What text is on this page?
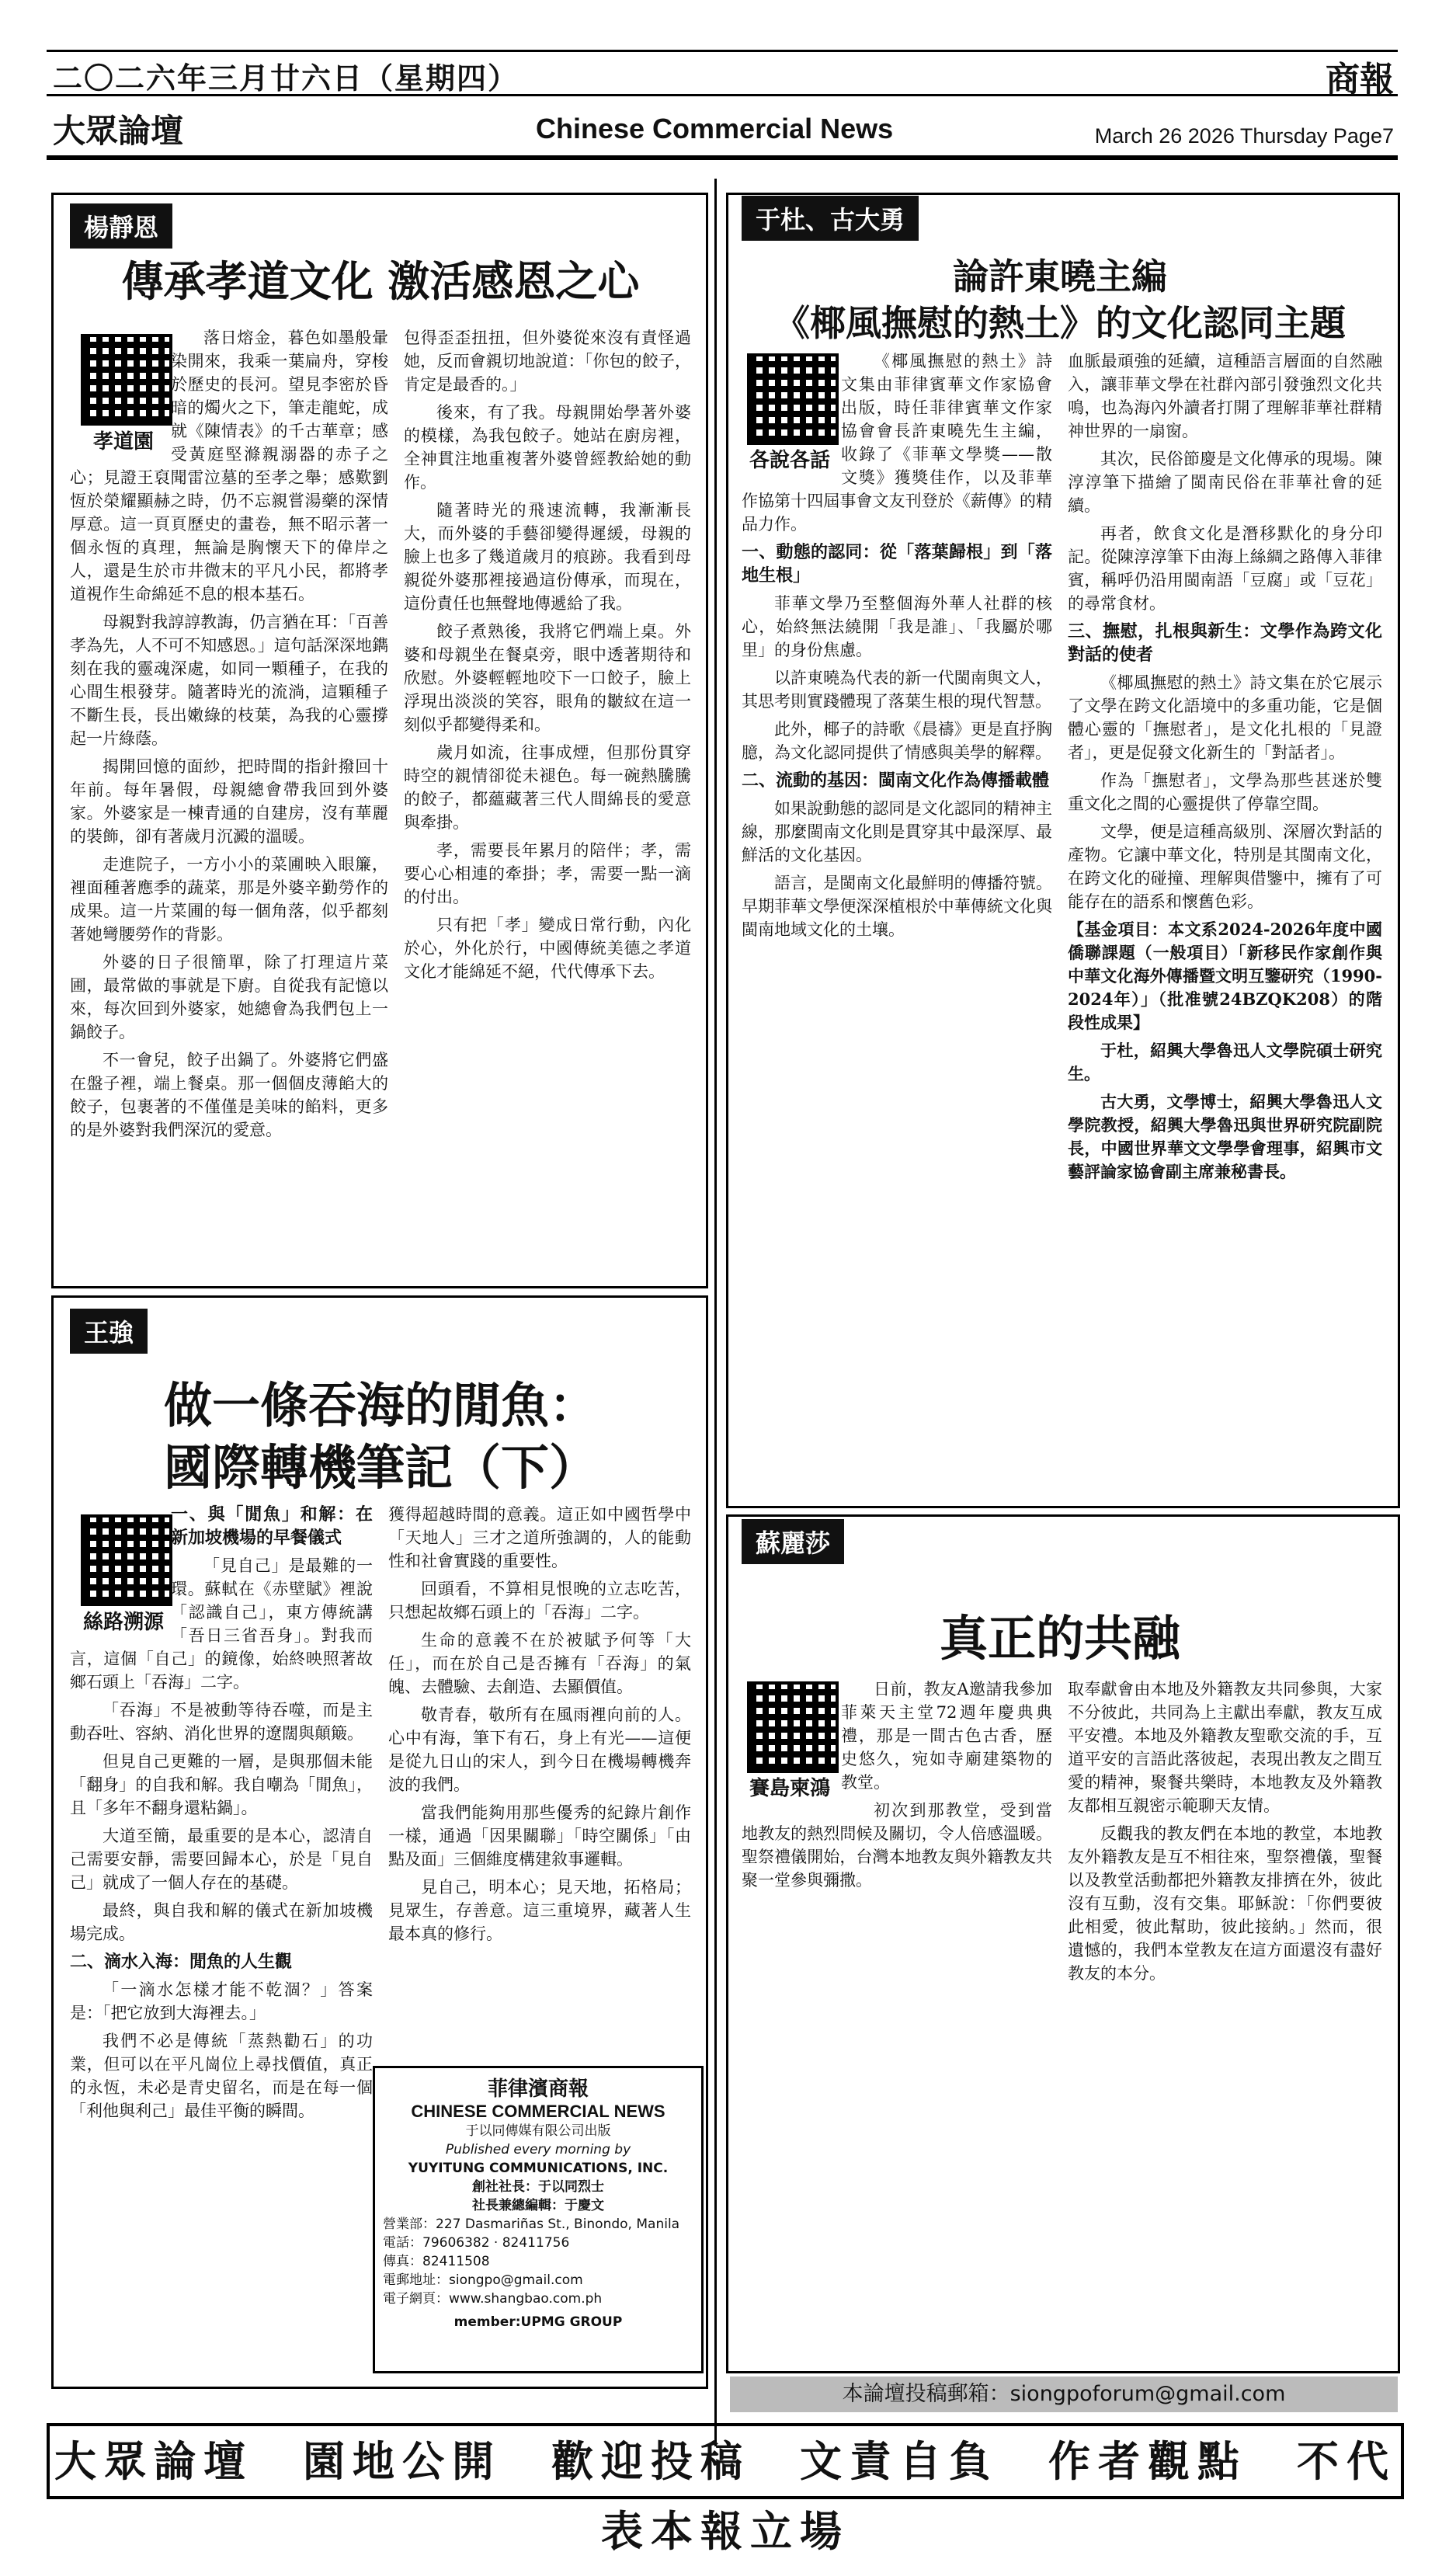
二〇二六年三月廿六日（星期四）	商報
大眾論壇	Chinese Commercial News	March 26 2026 Thursday Page7
楊靜恩
傳承孝道文化 激活感恩之心
孝道園

落日熔金，暮色如墨般暈染開來，我乘一葉扁舟，穿梭於歷史的長河。望見李密於昏暗的燭火之下，筆走龍蛇，成就《陳情表》的千古華章；感受黃庭堅滌親溺器的赤子之心；見證王裒聞雷泣墓的至孝之舉；感歎劉恆於榮耀顯赫之時，仍不忘親嘗湯藥的深情厚意。這一頁頁歷史的畫卷，無不昭示著一個永恆的真理，無論是胸懷天下的偉岸之人，還是生於市井微末的平凡小民，都將孝道視作生命綿延不息的根本基石。

母親對我諄諄教誨，仍言猶在耳：「百善孝為先，人不可不知感恩。」這句話深深地鐫刻在我的靈魂深處，如同一顆種子，在我的心間生根發芽。隨著時光的流淌，這顆種子不斷生長，長出嫩綠的枝葉，為我的心靈撐起一片綠蔭。

揭開回憶的面紗，把時間的指針撥回十年前。每年暑假，母親總會帶我回到外婆家。外婆家是一棟青通的自建房，沒有華麗的裝飾，卻有著歲月沉澱的溫暖。

走進院子，一方小小的菜圃映入眼簾，裡面種著應季的蔬菜，那是外婆辛勤勞作的成果。這一片菜圃的每一個角落，似乎都刻著她彎腰勞作的背影。

外婆的日子很簡單，除了打理這片菜圃，最常做的事就是下廚。自從我有記憶以來，每次回到外婆家，她總會為我們包上一鍋餃子。

不一會兒，餃子出鍋了。外婆將它們盛在盤子裡，端上餐桌。那一個個皮薄餡大的餃子，包裹著的不僅僅是美味的餡料，更多的是外婆對我們深沉的愛意。

包得歪歪扭扭，但外婆從來沒有責怪過她，反而會親切地說道：「你包的餃子，肯定是最香的。」

後來，有了我。母親開始學著外婆的模樣，為我包餃子。她站在廚房裡，全神貫注地重複著外婆曾經教給她的動作。

隨著時光的飛速流轉，我漸漸長大，而外婆的手藝卻變得遲緩，母親的臉上也多了幾道歲月的痕跡。我看到母親從外婆那裡接過這份傳承，而現在，這份責任也無聲地傳遞給了我。

餃子煮熟後，我將它們端上桌。外婆和母親坐在餐桌旁，眼中透著期待和欣慰。外婆輕輕地咬下一口餃子，臉上浮現出淡淡的笑容，眼角的皺紋在這一刻似乎都變得柔和。

歲月如流，往事成煙，但那份貫穿時空的親情卻從未褪色。每一碗熱騰騰的餃子，都蘊藏著三代人間綿長的愛意與牽掛。

孝，需要長年累月的陪伴；孝，需要心心相連的牽掛；孝，需要一點一滴的付出。

只有把「孝」變成日常行動，內化於心，外化於行，中國傳統美德之孝道文化才能綿延不絕，代代傳承下去。

王強
做一條吞海的閒魚：
國際轉機筆記（下）
絲路溯源

一、與「閒魚」和解：在新加坡機場的早餐儀式

「見自己」是最難的一環。蘇軾在《赤壁賦》裡說「認識自己」，東方傳統講「吾日三省吾身」。對我而言，這個「自己」的鏡像，始終映照著故鄉石頭上「吞海」二字。

「吞海」不是被動等待吞噬，而是主動吞吐、容納、消化世界的遼闊與顛簸。

但見自己更難的一層，是與那個未能「翻身」的自我和解。我自嘲為「閒魚」，且「多年不翻身還粘鍋」。

大道至簡，最重要的是本心，認清自己需要安靜，需要回歸本心，於是「見自己」就成了一個人存在的基礎。

最終，與自我和解的儀式在新加坡機場完成。

二、滴水入海：閒魚的人生觀

「一滴水怎樣才能不乾涸？」答案是：「把它放到大海裡去。」

我們不必是傳統「蒸熱勸石」的功業，但可以在平凡崗位上尋找價值，真正的永恆，未必是青史留名，而是在每一個「利他與利己」最佳平衡的瞬間。

獲得超越時間的意義。這正如中國哲學中「天地人」三才之道所強調的，人的能動性和社會實踐的重要性。

回頭看，不算相見恨晚的立志吃苦，只想起故鄉石頭上的「吞海」二字。

生命的意義不在於被賦予何等「大任」，而在於自己是否擁有「吞海」的氣魄、去體驗、去創造、去顯價值。

敬青春，敬所有在風雨裡向前的人。心中有海，筆下有石，身上有光——這便是從九日山的宋人，到今日在機場轉機奔波的我們。

當我們能夠用那些優秀的紀錄片創作一樣，通過「因果關聯」「時空關係」「由點及面」三個維度構建敘事邏輯。

見自己，明本心；見天地，拓格局；見眾生，存善意。這三重境界，藏著人生最本真的修行。

菲律濱商報
CHINESE COMMERCIAL NEWS
于以同傳媒有限公司出版
Published every morning by
YUYITUNG COMMUNICATIONS, INC.
創社社長：于以同烈士
社長兼總編輯：于慶文
營業部：227 Dasmariñas St., Binondo, Manila
電話：79606382 · 82411756
傳真：82411508
電郵地址：siongpo@gmail.com
電子網頁：www.shangbao.com.ph
member:UPMG GROUP
于杜、古大勇
論許東曉主編
《椰風撫慰的熱土》的文化認同主題
各說各話

《椰風撫慰的熱土》詩文集由菲律賓華文作家協會出版，時任菲律賓華文作家協會會長許東曉先生主編，收錄了《菲華文學獎——散文獎》獲獎佳作，以及菲華作協第十四屆事會文友刊登於《薪傳》的精品力作。

一、動態的認同：從「落葉歸根」到「落地生根」

菲華文學乃至整個海外華人社群的核心，始終無法繞開「我是誰」、「我屬於哪里」的身份焦慮。

以許東曉為代表的新一代閩南與文人，其思考則實踐體現了落葉生根的現代智慧。

此外，椰子的詩歌《晨禱》更是直抒胸臆，為文化認同提供了情感與美學的解釋。

二、流動的基因：閩南文化作為傳播載體

如果說動態的認同是文化認同的精神主線，那麼閩南文化則是貫穿其中最深厚、最鮮活的文化基因。

語言，是閩南文化最鮮明的傳播符號。早期菲華文學便深深植根於中華傳統文化與閩南地域文化的土壤。

血脈最頑強的延續，這種語言層面的自然融入，讓菲華文學在社群內部引發強烈文化共鳴，也為海內外讀者打開了理解菲華社群精神世界的一扇窗。

其次，民俗節慶是文化傳承的現場。陳淳淳筆下描繪了閩南民俗在菲華社會的延續。

再者，飲食文化是潛移默化的身分印記。從陳淳淳筆下由海上絲綢之路傳入菲律賓，稱呼仍沿用閩南語「豆腐」或「豆花」的尋常食材。

三、撫慰，扎根與新生：文學作為跨文化對話的使者

《椰風撫慰的熱土》詩文集在於它展示了文學在跨文化語境中的多重功能，它是個體心靈的「撫慰者」，是文化扎根的「見證者」，更是促發文化新生的「對話者」。

作為「撫慰者」，文學為那些甚迷於雙重文化之間的心靈提供了停靠空間。

文學，便是這種高級別、深層次對話的產物。它讓中華文化，特別是其閩南文化，在跨文化的碰撞、理解與借鑒中，擁有了可能存在的語系和懷舊色彩。

【基金項目：本文系2024-2026年度中國僑聯課題（一般項目）「新移民作家創作與中華文化海外傳播暨文明互鑒研究（1990-2024年）」（批准號24BZQK208）的階段性成果】

于杜，紹興大學魯迅人文學院碩士研究生。

古大勇，文學博士，紹興大學魯迅人文學院教授，紹興大學魯迅與世界研究院副院長，中國世界華文文學學會理事，紹興市文藝評論家協會副主席兼秘書長。

蘇麗莎
真正的共融
賽島柬鴻

日前，教友A邀請我參加菲萊天主堂72週年慶典典禮，那是一間古色古香，歷史悠久，宛如寺廟建築物的教堂。

初次到那教堂，受到當地教友的熱烈問候及關切，令人倍感溫暖。聖祭禮儀開始，台灣本地教友與外籍教友共聚一堂參與彌撒。

取奉獻會由本地及外籍教友共同參與，大家不分彼此，共同為上主獻出奉獻，教友互成平安禮。本地及外籍教友聖歌交流的手，互道平安的言語此落彼起，表現出教友之間互愛的精神，聚餐共樂時，本地教友及外籍教友都相互親密示範聊天友情。

反觀我的教友們在本地的教堂，本地教友外籍教友是互不相往來，聖祭禮儀，聖餐以及教堂活動都把外籍教友排擠在外，彼此沒有互動，沒有交集。耶穌說：「你們要彼此相愛，彼此幫助，彼此接納。」然而，很遺憾的，我們本堂教友在這方面還沒有盡好教友的本分。

本論壇投稿郵箱：siongpoforum@gmail.com
大眾論壇　園地公開　歡迎投稿　文責自負　作者觀點　不代表本報立場
